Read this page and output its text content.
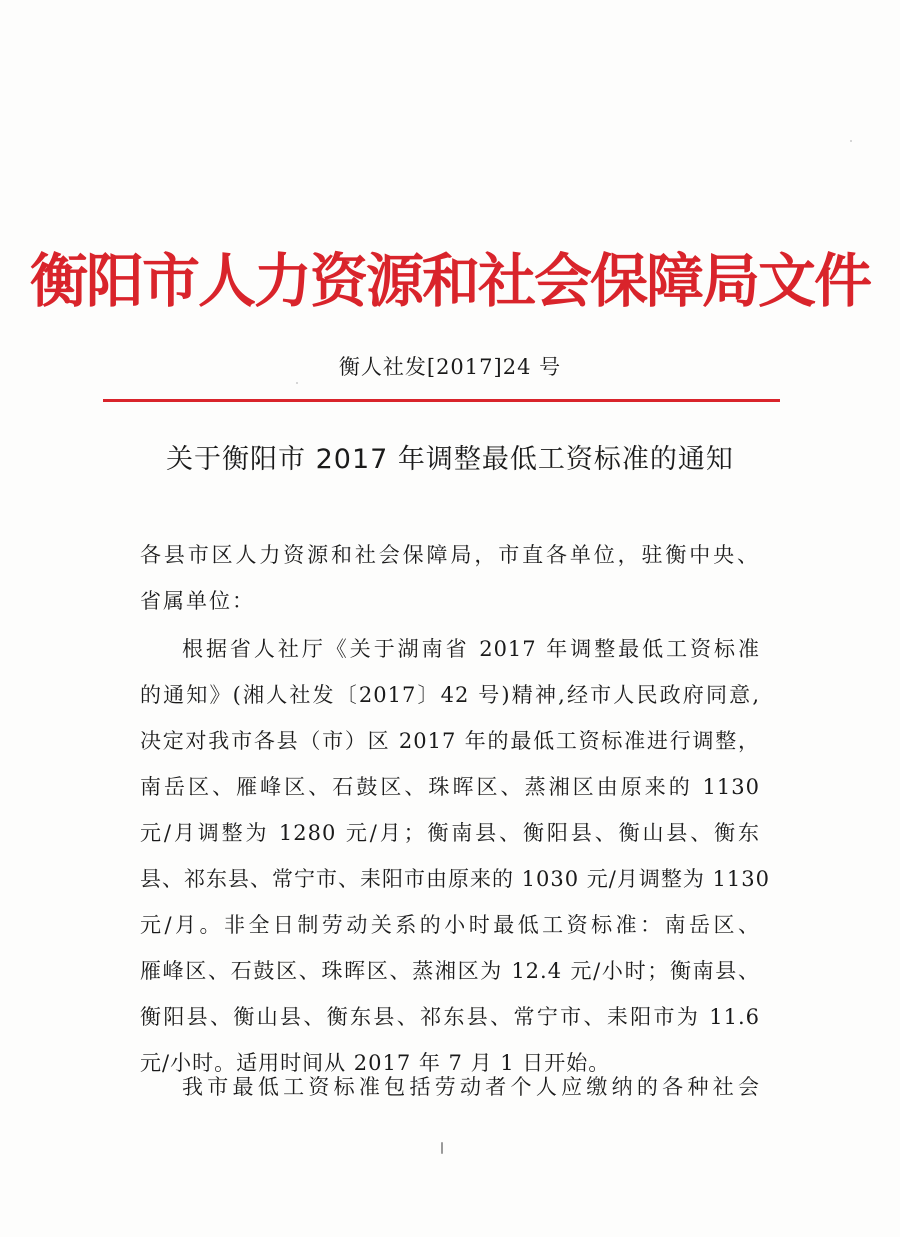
衡阳市人力资源和社会保障局文件
衡人社发[2017]24 号
关于衡阳市 2017 年调整最低工资标准的通知
各县市区人力资源和社会保障局，市直各单位，驻衡中央、
省属单位：
根据省人社厅《关于湖南省 2017 年调整最低工资标准
的通知》(湘人社发〔2017〕42 号)精神,经市人民政府同意,
决定对我市各县（市）区 2017 年的最低工资标准进行调整，
南岳区、雁峰区、石鼓区、珠晖区、蒸湘区由原来的 1130
元/月调整为 1280 元/月；衡南县、衡阳县、衡山县、衡东
县、祁东县、常宁市、耒阳市由原来的 1030 元/月调整为 1130
元/月。非全日制劳动关系的小时最低工资标准：南岳区、
雁峰区、石鼓区、珠晖区、蒸湘区为 12.4 元/小时；衡南县、
衡阳县、衡山县、衡东县、祁东县、常宁市、耒阳市为 11.6
元/小时。适用时间从 2017 年 7 月 1 日开始。
我市最低工资标准包括劳动者个人应缴纳的各种社会
